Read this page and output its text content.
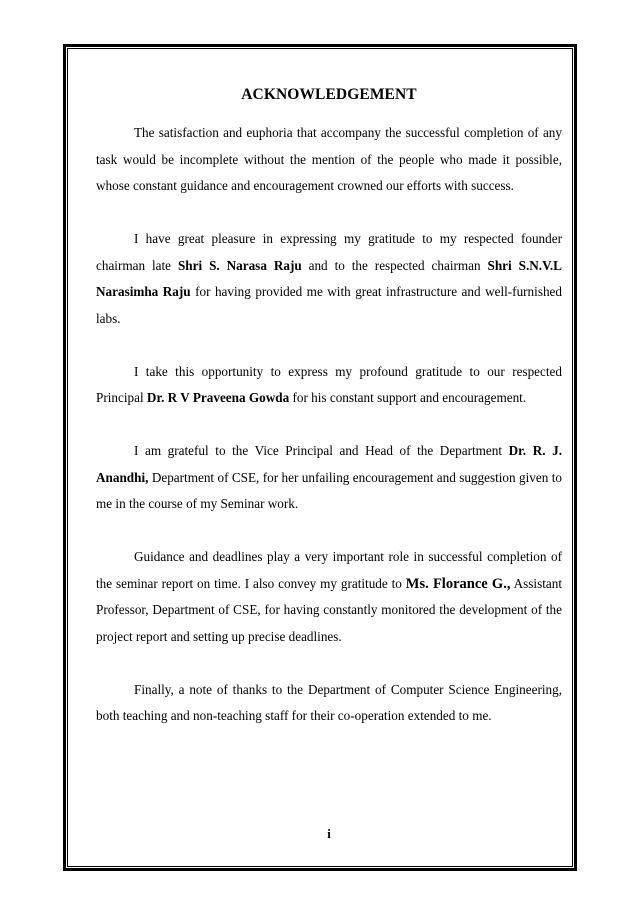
ACKNOWLEDGEMENT

The satisfaction and euphoria that accompany the successful completion of any task would be incomplete without the mention of the people who made it possible, whose constant guidance and encouragement crowned our efforts with success.

I have great pleasure in expressing my gratitude to my respected founder chairman late Shri S. Narasa Raju and to the respected chairman Shri S.N.V.L Narasimha Raju for having provided me with great infrastructure and well-furnished labs.

I take this opportunity to express my profound gratitude to our respected Principal Dr. R V Praveena Gowda for his constant support and encouragement.

I am grateful to the Vice Principal and Head of the Department Dr. R. J. Anandhi, Department of CSE, for her unfailing encouragement and suggestion given to me in the course of my Seminar work.

Guidance and deadlines play a very important role in successful completion of the seminar report on time. I also convey my gratitude to Ms. Florance G., Assistant Professor, Department of CSE, for having constantly monitored the development of the project report and setting up precise deadlines.

Finally, a note of thanks to the Department of Computer Science Engineering, both teaching and non-teaching staff for their co-operation extended to me.

i
